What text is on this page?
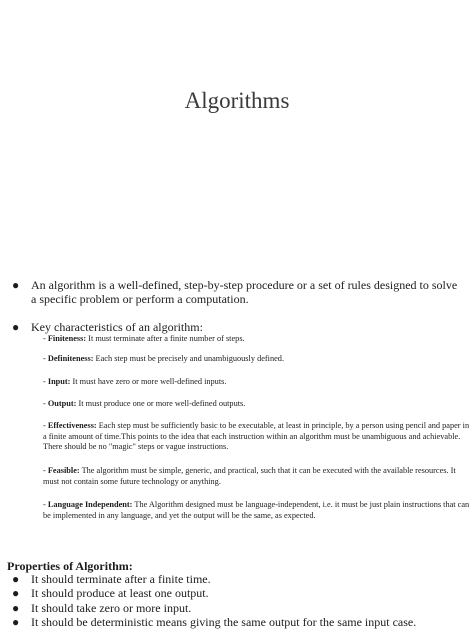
Algorithms
● An algorithm is a well-defined, step-by-step procedure or a set of rules designed to solve a specific problem or perform a computation.
● Key characteristics of an algorithm:
- Finiteness: It must terminate after a finite number of steps.
- Definiteness: Each step must be precisely and unambiguously defined.
- Input: It must have zero or more well-defined inputs.
- Output: It must produce one or more well-defined outputs.
- Effectiveness: Each step must be sufficiently basic to be executable, at least in principle, by a person using pencil and paper in a finite amount of time.This points to the idea that each instruction within an algorithm must be unambiguous and achievable. There should be no "magic" steps or vague instructions.
- Feasible: The algorithm must be simple, generic, and practical, such that it can be executed with the available resources. It must not contain some future technology or anything.
- Language Independent: The Algorithm designed must be language-independent, i.e. it must be just plain instructions that can be implemented in any language, and yet the output will be the same, as expected.
Properties of Algorithm:
● It should terminate after a finite time.
● It should produce at least one output.
● It should take zero or more input.
● It should be deterministic means giving the same output for the same input case.
